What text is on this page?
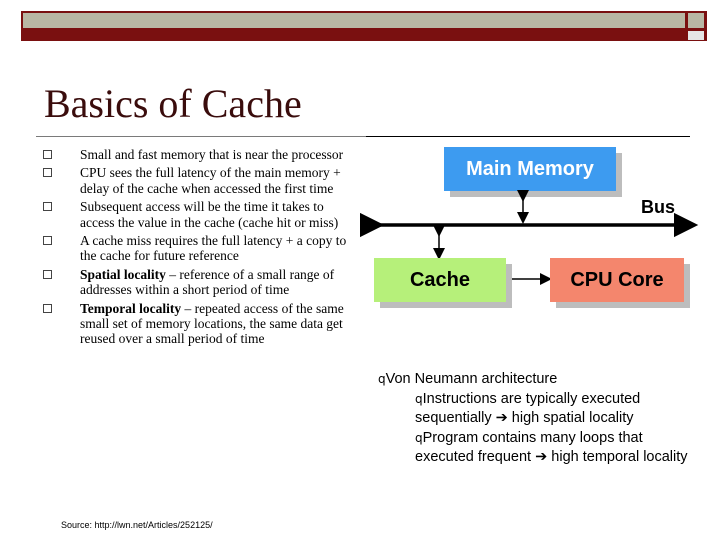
Basics of Cache
Small and fast memory that is near the processor
CPU sees the full latency of the main memory + delay of the cache when accessed the first time
Subsequent access will be the time it takes to access the value in the cache (cache hit or miss)
A cache miss requires the full latency + a copy to the cache for future reference
Spatial locality – reference of a small range of addresses within a short period of time
Temporal locality – repeated access of the same small set of memory locations, the same data get reused over a small period of time
Source: http://lwn.net/Articles/252125/
Main Memory
Bus
Cache	CPU Core
qVon Neumann architecture
qInstructions are typically executed sequentially ➔ high spatial locality
qProgram contains many loops that executed frequent ➔ high temporal locality
